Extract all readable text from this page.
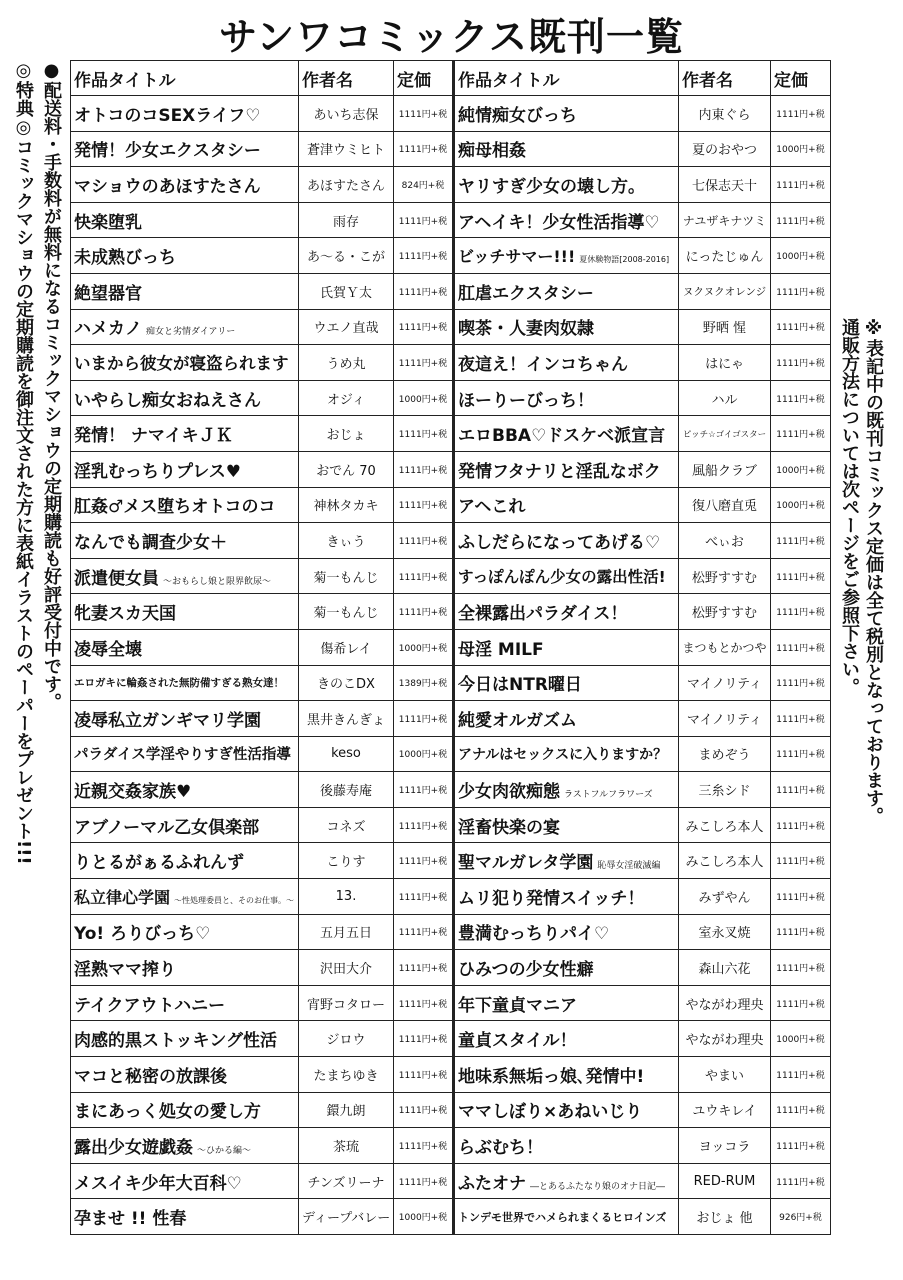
サンワコミックス既刊一覧
●配送料・手数料が無料になるコミックマショウの定期購読も好評受付中です。
◎特典◎コミックマショウの定期購読を御注文された方に表紙イラストのペーパーをプレゼント!!!	※表記中の既刊コミックス定価は全て税別となっております。
通販方法については次ページをご参照下さい。
作品タイトル	作者名	定価	作品タイトル	作者名	定価
オトコのコSEXライフ♡	あいち志保	1111円+税	純情痴女びっち	内東ぐら	1111円+税
発情！少女エクスタシー	蒼津ウミヒト	1111円+税	痴母相姦	夏のおやつ	1000円+税
マショウのあほすたさん	あほすたさん	824円+税	ヤリすぎ少女の壊し方。	七保志天十	1111円+税
快楽堕乳	雨存	1111円+税	アヘイキ！少女性活指導♡	ナユザキナツミ	1111円+税
未成熟びっち	あ～る・こが	1111円+税	ビッチサマー!!! 夏休験物語[2008-2016]	にったじゅん	1000円+税
絶望器官	氏賀Ｙ太	1111円+税	肛虐エクスタシー	ヌクヌクオレンジ	1111円+税
ハメカノ 痴女と劣情ダイアリー	ウエノ直哉	1111円+税	喫茶・人妻肉奴隷	野晒 惺	1111円+税
いまから彼女が寝盗られます	うめ丸	1111円+税	夜這え！インコちゃん	はにゃ	1111円+税
いやらし痴女おねえさん	オジィ	1000円+税	ほーりーびっち！	ハル	1111円+税
発情！ ナマイキＪＫ	おじょ	1111円+税	エロBBA♡ドスケベ派宣言	ピッチ☆ゴイゴスター	1111円+税
淫乳むっちりプレス♥	おでん 70	1111円+税	発情フタナリと淫乱なボク	風船クラブ	1000円+税
肛姦♂メス堕ちオトコのコ	神林タカキ	1111円+税	アヘこれ	復八磨直兎	1000円+税
なんでも調査少女＋	きぃう	1111円+税	ふしだらになってあげる♡	べぃお	1111円+税
派遣便女員 ～おもらし娘と限界飲尿～	菊一もんじ	1111円+税	すっぽんぽん少女の露出性活!	松野すすむ	1111円+税
牝妻スカ天国	菊一もんじ	1111円+税	全裸露出パラダイス！	松野すすむ	1111円+税
凌辱全壊	傷希レイ	1000円+税	母淫 MILF	まつもとかつや	1111円+税
エロガキに輪姦された無防備すぎる熟女達！	きのこDX	1389円+税	今日はNTR曜日	マイノリティ	1111円+税
凌辱私立ガンギマリ学園	黒井きんぎょ	1111円+税	純愛オルガズム	マイノリティ	1111円+税
パラダイス学淫やりすぎ性活指導	keso	1000円+税	アナルはセックスに入りますか？	まめぞう	1111円+税
近親交姦家族♥	後藤寿庵	1111円+税	少女肉欲痴態 ラストフルフラワーズ	三糸シド	1111円+税
アブノーマル乙女倶楽部	コネズ	1111円+税	淫畜快楽の宴	みこしろ本人	1111円+税
りとるがぁるふれんず	こりす	1111円+税	聖マルガレタ学園 恥辱女淫破滅編	みこしろ本人	1111円+税
私立律心学園 ～性処理委員と、そのお仕事。～	13.	1111円+税	ムリ犯り発情スイッチ！	みずやん	1111円+税
Yo! ろりびっち♡	五月五日	1111円+税	豊満むっちりパイ♡	室永叉焼	1111円+税
淫熟ママ搾り	沢田大介	1111円+税	ひみつの少女性癖	森山六花	1111円+税
テイクアウトハニー	宵野コタロー	1111円+税	年下童貞マニア	やながわ理央	1111円+税
肉感的黒ストッキング性活	ジロウ	1111円+税	童貞スタイル！	やながわ理央	1000円+税
マコと秘密の放課後	たまちゆき	1111円+税	地味系無垢っ娘､発情中!	やまい	1111円+税
まにあっく処女の愛し方	鐶九朗	1111円+税	ママしぼり×あねいじり	ユウキレイ	1111円+税
露出少女遊戯姦 ～ひかる編～	茶琉	1111円+税	らぶむち！	ヨッコラ	1111円+税
メスイキ少年大百科♡	チンズリーナ	1111円+税	ふたオナ ―とあるふたなり娘のオナ日記―	RED-RUM	1111円+税
孕ませ !! 性春	ディープバレー	1000円+税	トンデモ世界でハメられまくるヒロインズ	おじょ 他	926円+税
